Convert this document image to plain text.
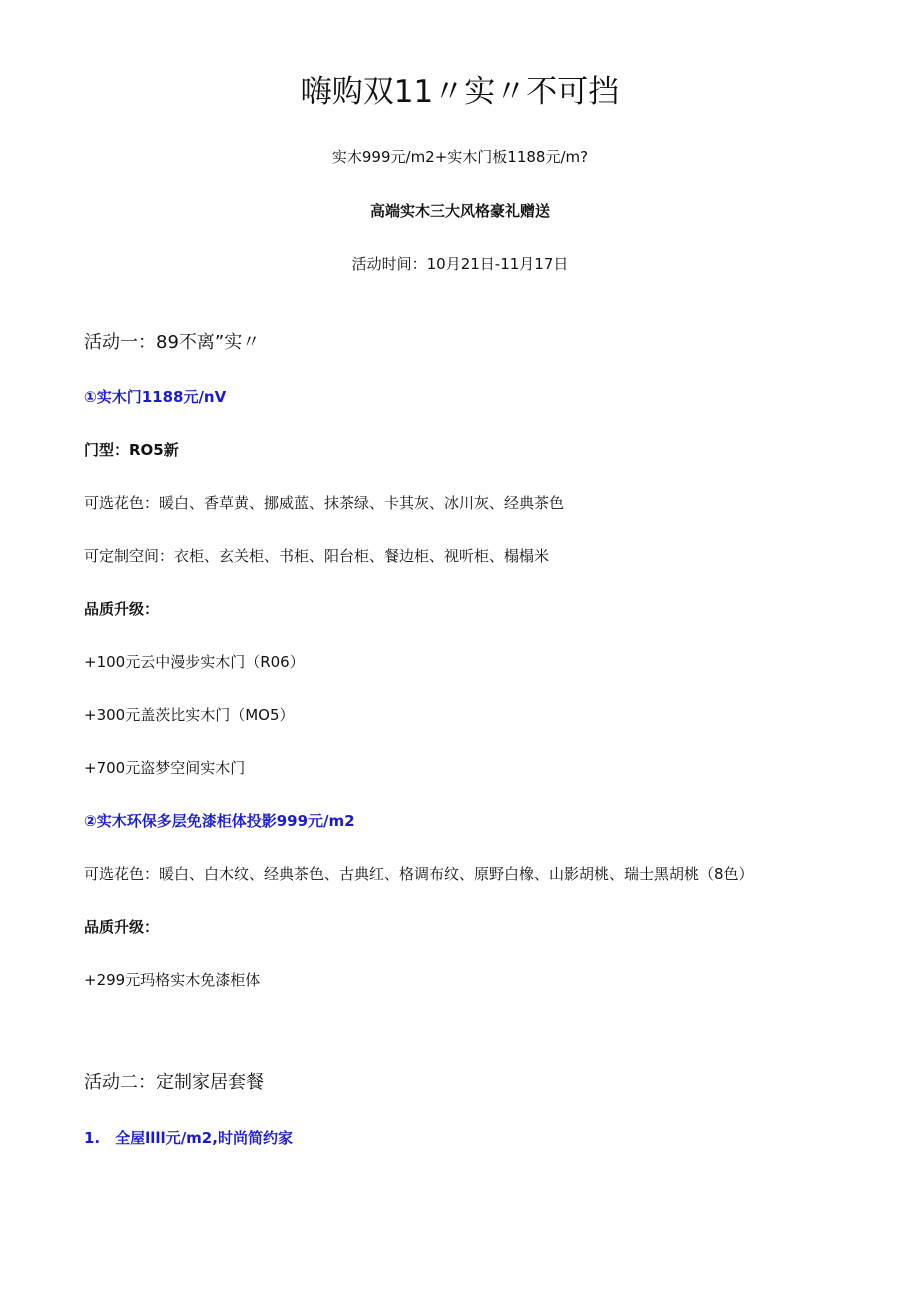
嗨购双11〃实〃不可挡
实木999元/m2+实木门板1188元/m?
高端实木三大风格豪礼赠送
活动时间：10月21日-11月17日
活动一：89不离”实〃
①实木门1188元/nV
门型：RO5新
可选花色：暖白、香草黄、挪威蓝、抹茶绿、卡其灰、冰川灰、经典茶色
可定制空间：衣柜、玄关柜、书柜、阳台柜、餐边柜、视听柜、榻榻米
品质升级：
+100元云中漫步实木门（R06）
+300元盖茨比实木门（MO5）
+700元盗梦空间实木门
②实木环保多层免漆柜体投影999元/m2
可选花色：暖白、白木纹、经典茶色、古典红、格调布纹、原野白橡、山影胡桃、瑞士黑胡桃（8色）
品质升级：
+299元玛格实木免漆柜体
活动二：定制家居套餐
1.　全屋llll元/m2,时尚简约家
